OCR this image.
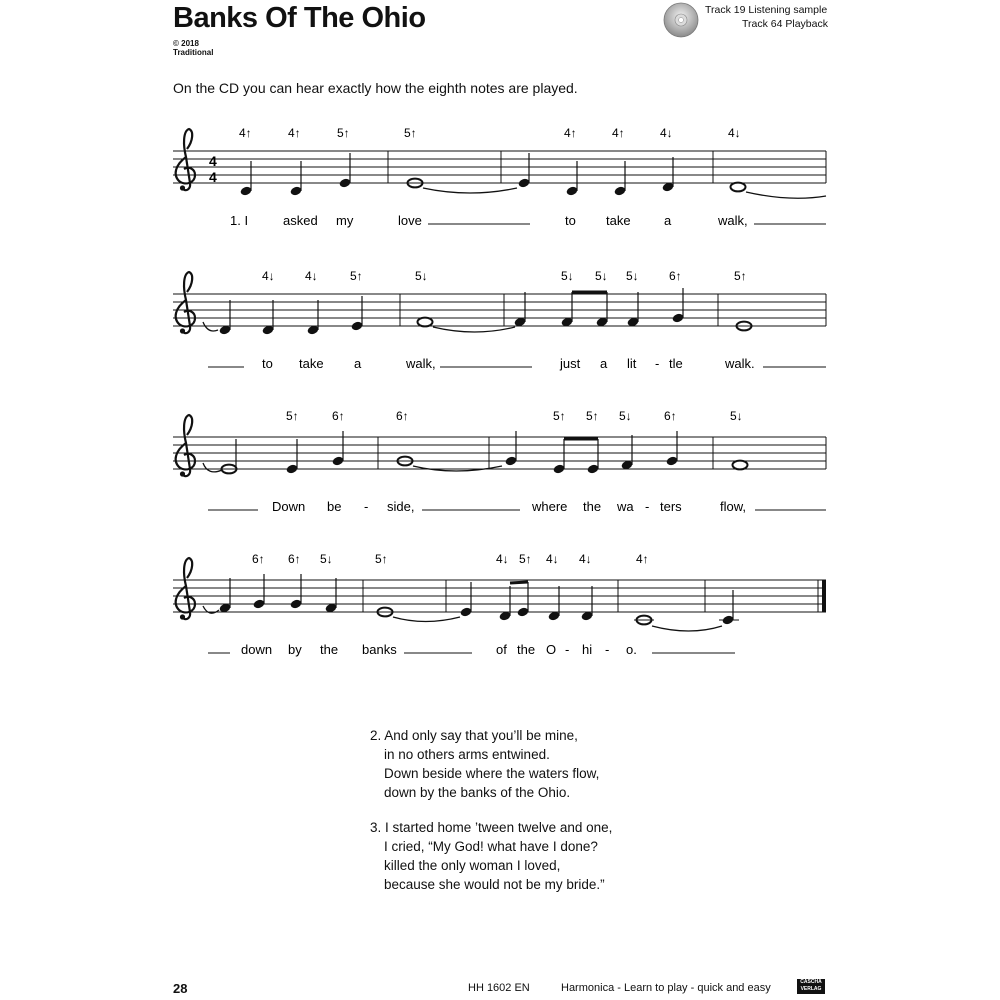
Banks Of The Ohio
© 2018
Traditional
Track 19 Listening sample
Track 64 Playback
On the CD you can hear exactly how the eighth notes are played.
4
4
4↑	4↑	5↑	5↑	4↑	4↑	4↓	4↓
1. I	asked my	love	to take	a	walk,
4↓	4↓	5↑	5↓	5↓ 5↓ 5↓	6↑	5↑
to take a	walk,	just a lit - tle	walk.
5↑	6↑	6↑	5↑ 5↑ 5↓	6↑	5↓
Down be - side,	where the wa - ters	flow,
6↑ 6↑ 5↓	5↑	4↓ 5↑ 4↓ 4↓	4↑
down by the banks	of the O - hi - o.
2. And only say that you’ll be mine,
in no others arms entwined.
Down beside where the waters flow,
down by the banks of the Ohio.
3. I started home ’tween twelve and one,
I cried, “My God! what have I done?
killed the only woman I loved,
because she would not be my bride.”
28	HH 1602 EN	Harmonica - Learn to play - quick and easy	CASCHA VERLAG
